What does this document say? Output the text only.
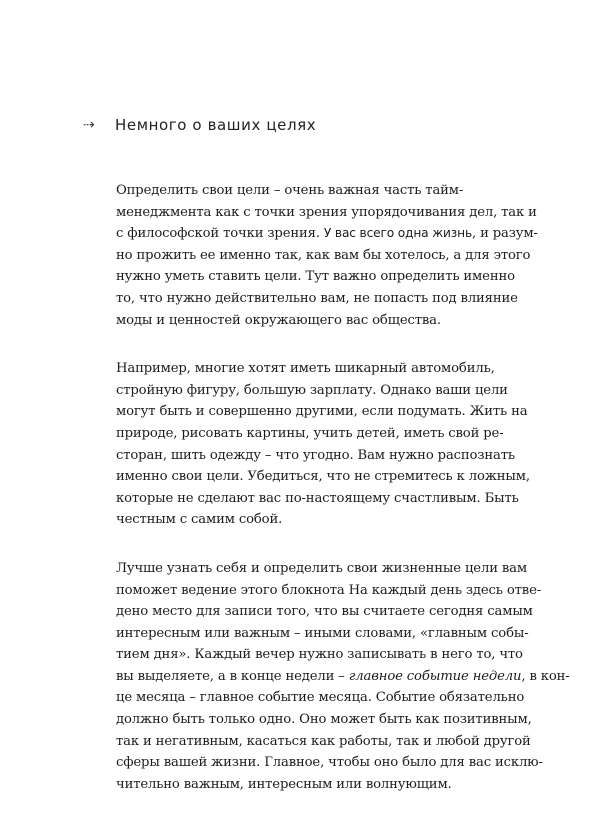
⇢	Немного о ваших целях
Определить свои цели – очень важная часть тайм-
менеджмента как с точки зрения упорядочивания дел, так и
с философской точки зрения. У вас всего одна жизнь, и разум-
но прожить ее именно так, как вам бы хотелось, а для этого
нужно уметь ставить цели. Тут важно определить именно
то, что нужно действительно вам, не попасть под влияние
моды и ценностей окружающего вас общества.
Например, многие хотят иметь шикарный автомобиль,
стройную фигуру, большую зарплату. Однако ваши цели
могут быть и совершенно другими, если подумать. Жить на
природе, рисовать картины, учить детей, иметь свой ре-
сторан, шить одежду – что угодно. Вам нужно распознать
именно свои цели. Убедиться, что не стремитесь к ложным,
которые не сделают вас по-настоящему счастливым. Быть
честным с самим собой.
Лучше узнать себя и определить свои жизненные цели вам
поможет ведение этого блокнота На каждый день здесь отве-
дено место для записи того, что вы считаете сегодня самым
интересным или важным – иными словами, «главным собы-
тием дня». Каждый вечер нужно записывать в него то, что
вы выделяете, а в конце недели – главное событие недели, в кон-
це месяца – главное событие месяца. Событие обязательно
должно быть только одно. Оно может быть как позитивным,
так и негативным, касаться как работы, так и любой другой
сферы вашей жизни. Главное, чтобы оно было для вас исклю-
чительно важным, интересным или волнующим.
